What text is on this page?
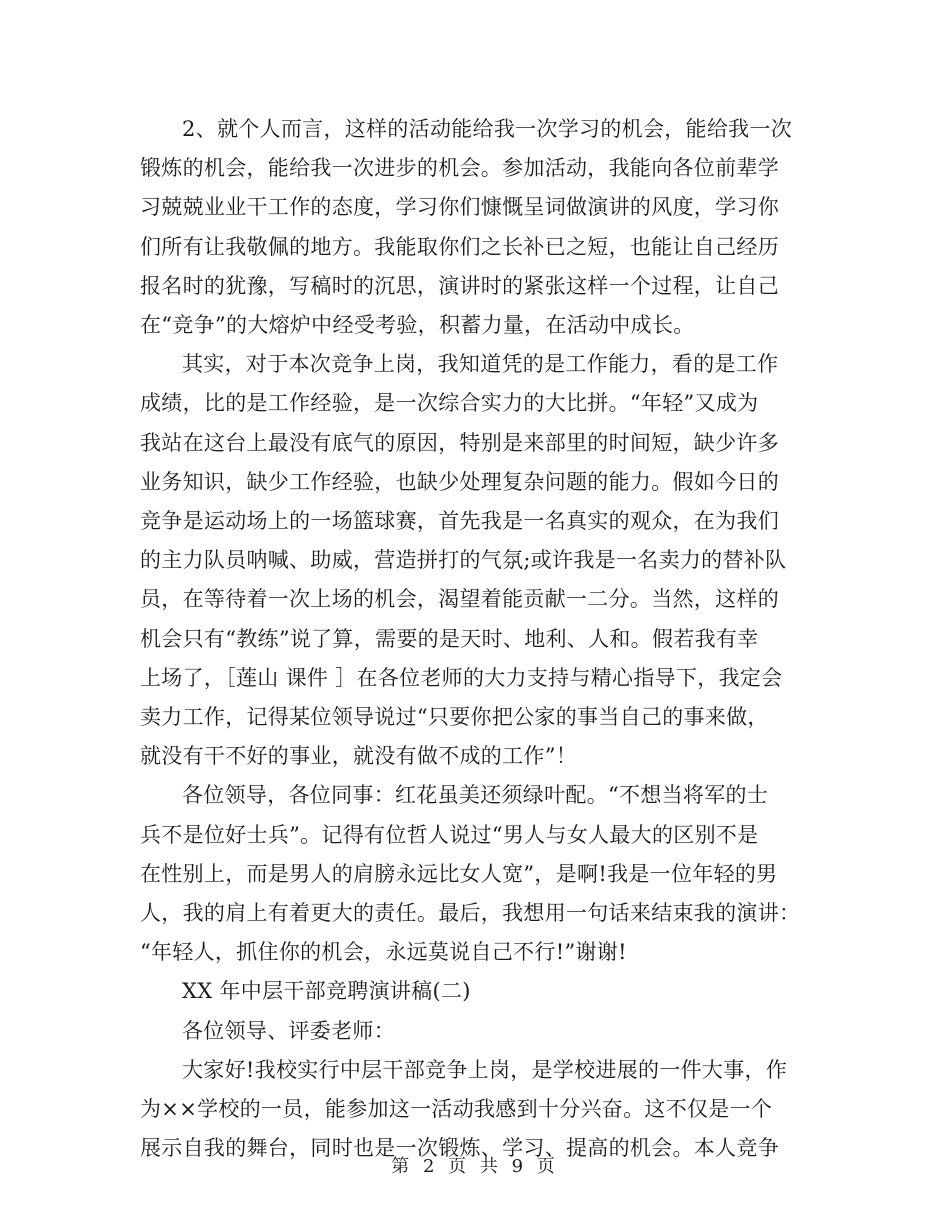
2、就个人而言，这样的活动能给我一次学习的机会，能给我一次
锻炼的机会，能给我一次进步的机会。参加活动，我能向各位前辈学
习兢兢业业干工作的态度，学习你们慷慨呈词做演讲的风度，学习你
们所有让我敬佩的地方。我能取你们之长补已之短，也能让自己经历
报名时的犹豫，写稿时的沉思，演讲时的紧张这样一个过程，让自己
在“竞争”的大熔炉中经受考验，积蓄力量，在活动中成长。

其实，对于本次竞争上岗，我知道凭的是工作能力，看的是工作
成绩，比的是工作经验，是一次综合实力的大比拼。“年轻”又成为
我站在这台上最没有底气的原因，特别是来部里的时间短，缺少许多
业务知识，缺少工作经验，也缺少处理复杂问题的能力。假如今日的
竞争是运动场上的一场篮球赛，首先我是一名真实的观众，在为我们
的主力队员呐喊、助威，营造拼打的气氛;或许我是一名卖力的替补队
员，在等待着一次上场的机会，渴望着能贡献一二分。当然，这样的
机会只有“教练”说了算，需要的是天时、地利、人和。假若我有幸
上场了，［莲山 课件 ］在各位老师的大力支持与精心指导下，我定会
卖力工作，记得某位领导说过“只要你把公家的事当自己的事来做，
就没有干不好的事业，就没有做不成的工作”！

各位领导，各位同事：红花虽美还须绿叶配。“不想当将军的士
兵不是位好士兵”。记得有位哲人说过“男人与女人最大的区别不是
在性别上，而是男人的肩膀永远比女人宽”，是啊!我是一位年轻的男
人，我的肩上有着更大的责任。最后，我想用一句话来结束我的演讲：
“年轻人，抓住你的机会，永远莫说自己不行!”谢谢!

XX 年中层干部竞聘演讲稿(二)

各位领导、评委老师：

大家好!我校实行中层干部竞争上岗，是学校进展的一件大事，作
为××学校的一员，能参加这一活动我感到十分兴奋。这不仅是一个
展示自我的舞台，同时也是一次锻炼、学习、提高的机会。本人竞争

第 2 页 共 9 页
